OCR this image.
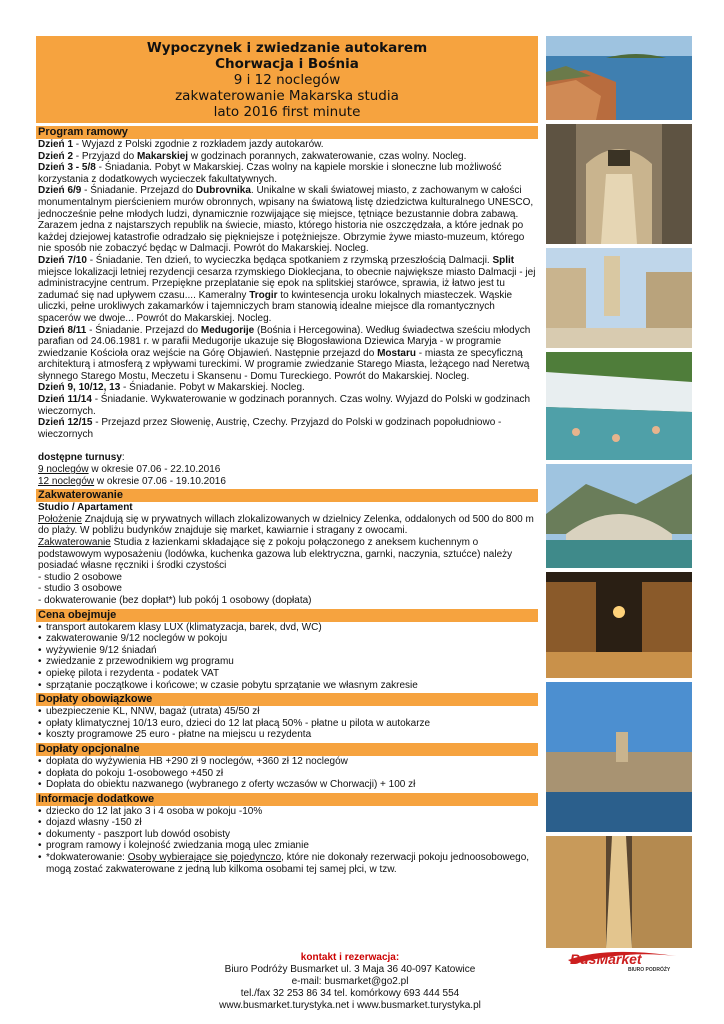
Wypoczynek i zwiedzanie autokarem
Chorwacja i Bośnia
9 i 12 noclegów
zakwaterowanie Makarska studia
lato 2016 first minute
Program ramowy
Dzień 1 - Wyjazd z Polski zgodnie z rozkładem jazdy autokarów.
Dzień 2 - Przyjazd do Makarskiej w godzinach porannych, zakwaterowanie, czas wolny. Nocleg.
Dzień 3 - 5/8 - Śniadania. Pobyt w Makarskiej. Czas wolny na kąpiele morskie i słoneczne lub możliwość korzystania z dodatkowych wycieczek fakultatywnych.
Dzień 6/9 - Śniadanie. Przejazd do Dubrovnika. Unikalne w skali światowej miasto, z zachowanym w całości monumentalnym pierścieniem murów obronnych, wpisany na światową listę dziedzictwa kulturalnego UNESCO, jednocześnie pełne młodych ludzi, dynamicznie rozwijające się miejsce, tętniące bezustannie dobra zabawą. Zarazem jedna z najstarszych republik na świecie, miasto, którego historia nie oszczędzała, a które jednak po każdej dziejowej katastrofie odradzało się piękniejsze i potężniejsze. Obrzymie żywe miasto-muzeum, którego nie sposób nie zobaczyć będąc w Dalmacji. Powrót do Makarskiej. Nocleg.
Dzień 7/10 - Śniadanie. Ten dzień, to wycieczka będąca spotkaniem z rzymską przeszłością Dalmacji. Split miejsce lokalizacji letniej rezydencji cesarza rzymskiego Dioklecjana, to obecnie największe miasto Dalmacji - jej administracyjne centrum. Przepiękne przeplatanie się epok na splitskiej starówce, sprawia, iż łatwo jest tu zadumać się nad upływem czasu.... Kameralny Trogir to kwintesencja uroku lokalnych miasteczek. Wąskie uliczki, pełne urokliwych zakamarków i tajemniczych bram stanowią idealne miejsce dla romantycznych spacerów we dwoje... Powrót do Makarskiej. Nocleg.
Dzień 8/11 - Śniadanie. Przejazd do Medugorije (Bośnia i Hercegowina). Według świadectwa sześciu młodych parafian od 24.06.1981 r. w parafii Medugorije ukazuje się Błogosławiona Dziewica Maryja - w programie zwiedzanie Kościoła oraz wejście na Górę Objawień. Następnie przejazd do Mostaru - miasta ze specyficzną architekturą i atmosferą z wpływami tureckimi. W programie zwiedzanie Starego Miasta, leżącego nad Neretwą słynnego Starego Mostu, Meczetu i Skansenu - Domu Tureckiego. Powrót do Makarskiej. Nocleg.
Dzień 9, 10/12, 13 - Śniadanie. Pobyt w Makarskiej. Nocleg.
Dzień 11/14 - Śniadanie. Wykwaterowanie w godzinach porannych. Czas wolny. Wyjazd do Polski w godzinach wieczornych.
Dzień 12/15 - Przejazd przez Słowenię, Austrię, Czechy. Przyjazd do Polski w godzinach popołudniowo - wieczornych
dostępne turnusy:
9 noclegów w okresie 07.06 - 22.10.2016
12 noclegów w okresie 07.06 - 19.10.2016
Zakwaterowanie
Studio / Apartament
Położenie Znajdują się w prywatnych willach zlokalizowanych w dzielnicy Zelenka, oddalonych od 500 do 800 m do plaży. W pobliżu budynków znajduje się market, kawiarnie i stragany z owocami.
Zakwaterowanie Studia z łazienkami składające się z pokoju połączonego z aneksem kuchennym o podstawowym wyposażeniu (lodówka, kuchenka gazowa lub elektryczna, garnki, naczynia, sztućce) należy posiadać własne ręczniki i środki czystości
- studio 2 osobowe
- studio 3 osobowe
- dokwaterowanie (bez dopłat*) lub pokój 1 osobowy (dopłata)
Cena obejmuje
• transport autokarem klasy LUX (klimatyzacja, barek, dvd, WC)
• zakwaterowanie 9/12 noclegów w pokoju
• wyżywienie 9/12 śniadań
• zwiedzanie z przewodnikiem wg programu
• opiekę pilota i rezydenta - podatek VAT
• sprzątanie początkowe i końcowe; w czasie pobytu sprzątanie we własnym zakresie
Dopłaty obowiązkowe
• ubezpieczenie KL, NNW, bagaż (utrata) 45/50 zł
• opłaty klimatycznej 10/13 euro, dzieci do 12 lat płacą 50% - płatne u pilota w autokarze
• koszty programowe 25 euro - płatne na miejscu u rezydenta
Dopłaty opcjonalne
• dopłata do wyżywienia HB +290 zł 9 noclegów, +360 zł 12 noclegów
• dopłata do pokoju 1-osobowego +450 zł
• Dopłata do obiektu nazwanego (wybranego z oferty wczasów w Chorwacji) + 100 zł
Informacje dodatkowe
• dziecko do 12 lat jako 3 i 4 osoba w pokoju -10%
• dojazd własny -150 zł
• dokumenty - paszport lub dowód osobisty
• program ramowy i kolejność zwiedzania mogą ulec zmianie
• *dokwaterowanie: Osoby wybierające się pojedynczo, które nie dokonały rezerwacji pokoju jednoosobowego, mogą zostać zakwaterowane z jedną lub kilkoma osobami tej samej płci, w tzw.
BusMarket
BIURO PODRÓŻY
kontakt i rezerwacja:
Biuro Podróży Busmarket ul. 3 Maja 36 40-097 Katowice
e-mail: busmarket@go2.pl
tel./fax 32 253 86 34 tel. komórkowy 693 444 554
www.busmarket.turystyka.net i www.busmarket.turystyka.pl
